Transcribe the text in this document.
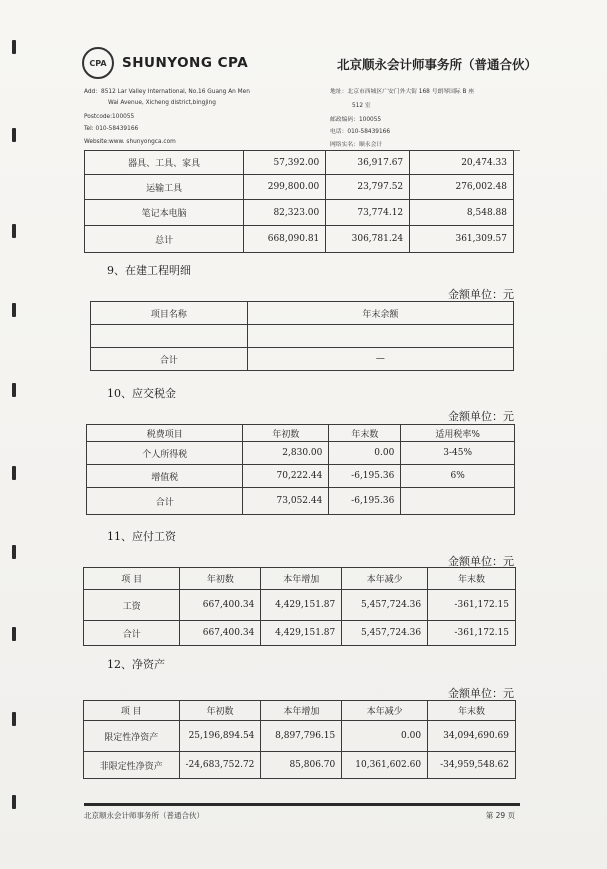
CPA	SHUNYONG CPA	北京顺永会计师事务所（普通合伙）
Add：8512 Lar Valley International, No.16 Guang An Men
Wai Avenue, Xicheng district,bingjing
Postcode:100055
Tel: 010-58439166
Website:www. shunyongca.com
地址：北京市西城区广安门外大街 168 号朗琴国际 B 座
512 室
邮政编码：100055
电话：010-58439166
网络实名：顺永会计
器具、工具、家具	57,392.00	36,917.67	20,474.33
运输工具	299,800.00	23,797.52	276,002.48
笔记本电脑	82,323.00	73,774.12	8,548.88
总计	668,090.81	306,781.24	361,309.57
9、在建工程明细
金额单位：元
项目名称	年末余额

合计	—
10、应交税金
金额单位：元
税费项目	年初数	年末数	适用税率%
个人所得税	2,830.00	0.00	3-45%
增值税	70,222.44	-6,195.36	6%
合计	73,052.44	-6,195.36	
11、应付工资
金额单位：元
项 目	年初数	本年增加	本年减少	年末数
工资	667,400.34	4,429,151.87	5,457,724.36	-361,172.15
合计	667,400.34	4,429,151.87	5,457,724.36	-361,172.15
12、净资产
金额单位：元
项 目	年初数	本年增加	本年减少	年末数
限定性净资产	25,196,894.54	8,897,796.15	0.00	34,094,690.69
非限定性净资产	-24,683,752.72	85,806.70	10,361,602.60	-34,959,548.62
北京顺永会计师事务所（普通合伙）	第 29 页
